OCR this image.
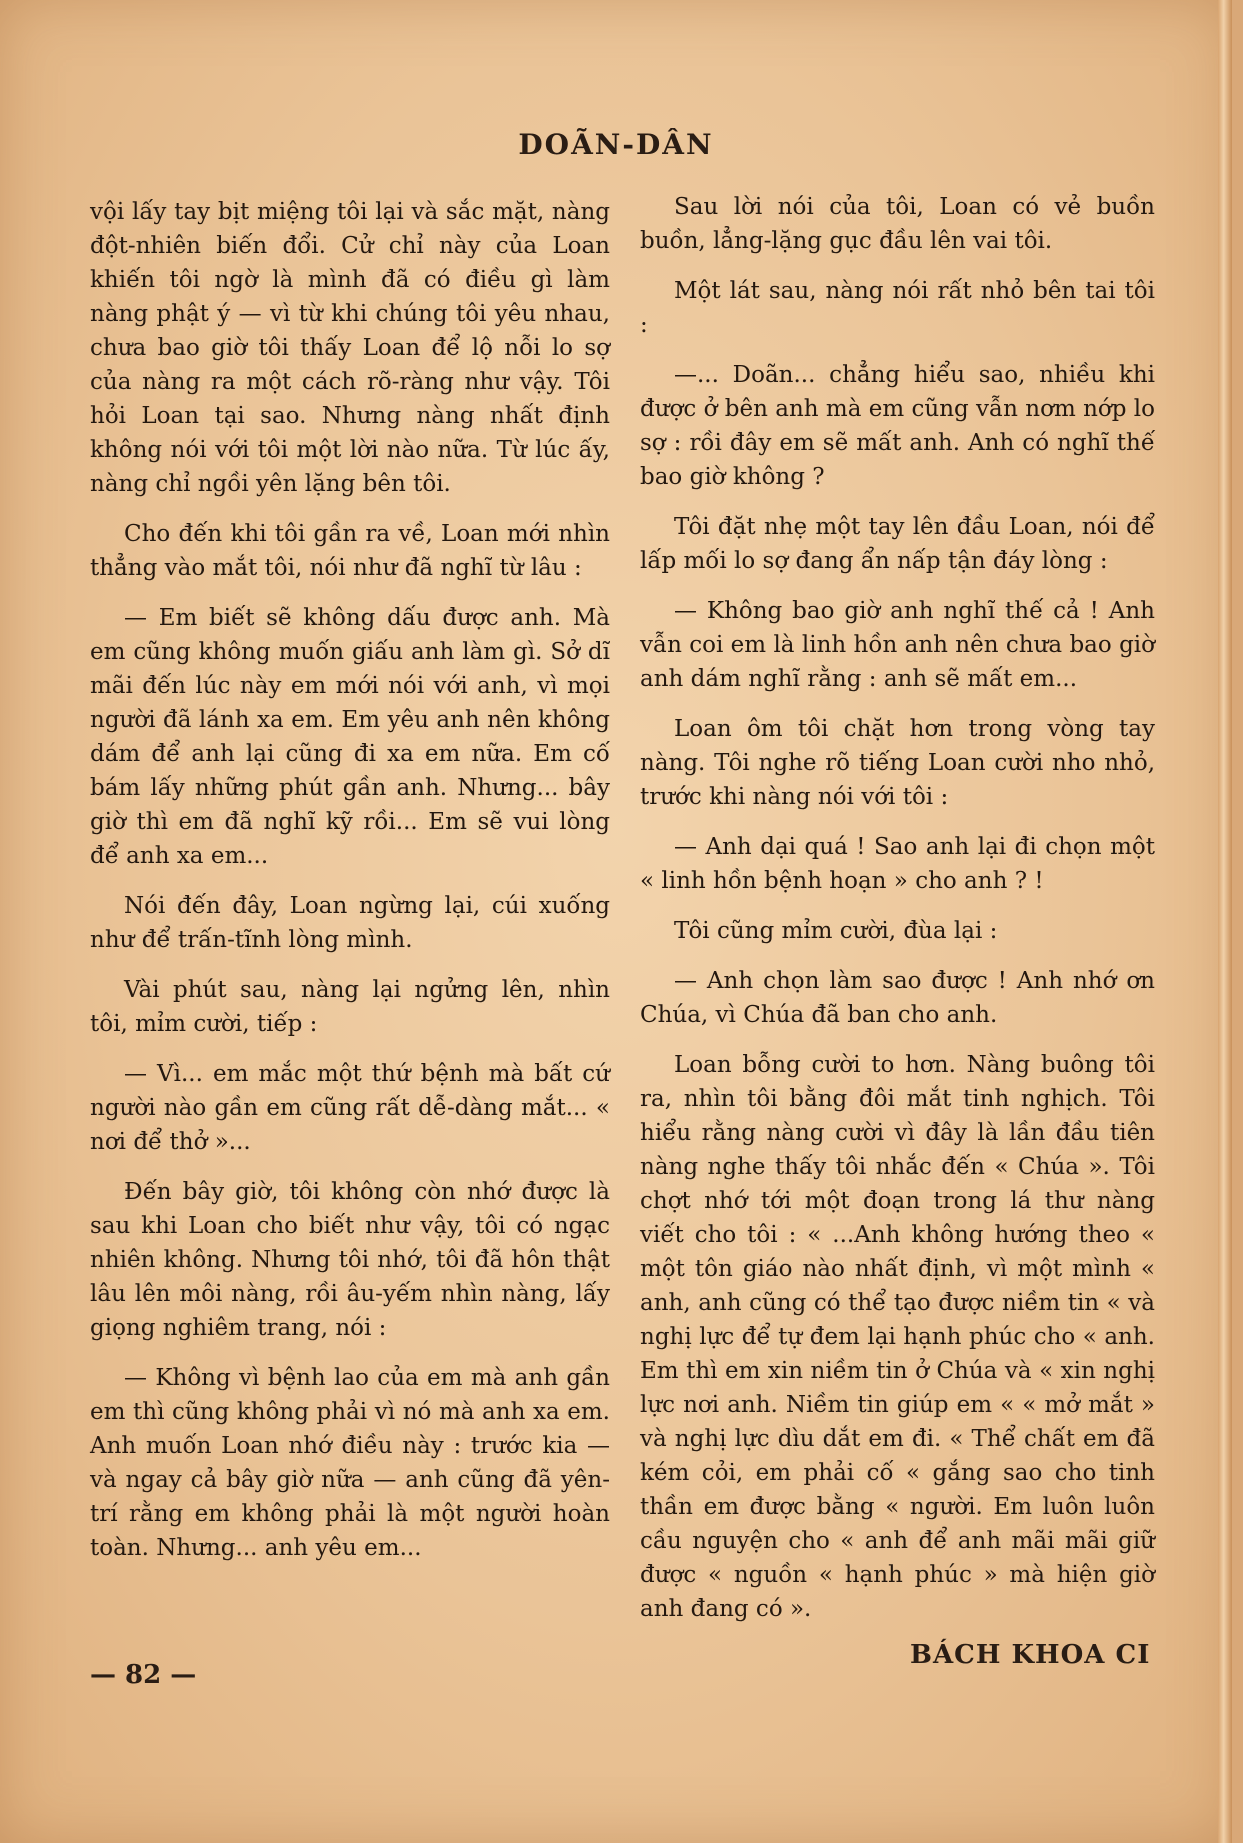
DOÃN-DÂN

vội lấy tay bịt miệng tôi lại và sắc mặt, nàng đột-nhiên biến đổi. Cử chỉ này của Loan khiến tôi ngờ là mình đã có điều gì làm nàng phật ý — vì từ khi chúng tôi yêu nhau, chưa bao giờ tôi thấy Loan để lộ nỗi lo sợ của nàng ra một cách rõ-ràng như vậy. Tôi hỏi Loan tại sao. Nhưng nàng nhất định không nói với tôi một lời nào nữa. Từ lúc ấy, nàng chỉ ngồi yên lặng bên tôi.

Cho đến khi tôi gần ra về, Loan mới nhìn thẳng vào mắt tôi, nói như đã nghĩ từ lâu :

— Em biết sẽ không dấu được anh. Mà em cũng không muốn giấu anh làm gì. Sở dĩ mãi đến lúc này em mới nói với anh, vì mọi người đã lánh xa em. Em yêu anh nên không dám để anh lại cũng đi xa em nữa. Em cố bám lấy những phút gần anh. Nhưng... bây giờ thì em đã nghĩ kỹ rồi... Em sẽ vui lòng để anh xa em...

Nói đến đây, Loan ngừng lại, cúi xuống như để trấn-tĩnh lòng mình.

Vài phút sau, nàng lại ngửng lên, nhìn tôi, mỉm cười, tiếp :

— Vì... em mắc một thứ bệnh mà bất cứ người nào gần em cũng rất dễ-dàng mắt... « nơi để thở »...

Đến bây giờ, tôi không còn nhớ được là sau khi Loan cho biết như vậy, tôi có ngạc nhiên không. Nhưng tôi nhớ, tôi đã hôn thật lâu lên môi nàng, rồi âu-yếm nhìn nàng, lấy giọng nghiêm trang, nói :

— Không vì bệnh lao của em mà anh gần em thì cũng không phải vì nó mà anh xa em. Anh muốn Loan nhớ điều này : trước kia — và ngay cả bây giờ nữa — anh cũng đã yên-trí rằng em không phải là một người hoàn toàn. Nhưng... anh yêu em...

Sau lời nói của tôi, Loan có vẻ buồn buồn, lẳng-lặng gục đầu lên vai tôi.

Một lát sau, nàng nói rất nhỏ bên tai tôi :

—... Doãn... chẳng hiểu sao, nhiều khi được ở bên anh mà em cũng vẫn nơm nớp lo sợ : rồi đây em sẽ mất anh. Anh có nghĩ thế bao giờ không ?

Tôi đặt nhẹ một tay lên đầu Loan, nói để lấp mối lo sợ đang ẩn nấp tận đáy lòng :

— Không bao giờ anh nghĩ thế cả ! Anh vẫn coi em là linh hồn anh nên chưa bao giờ anh dám nghĩ rằng : anh sẽ mất em...

Loan ôm tôi chặt hơn trong vòng tay nàng. Tôi nghe rõ tiếng Loan cười nho nhỏ, trước khi nàng nói với tôi :

— Anh dại quá ! Sao anh lại đi chọn một « linh hồn bệnh hoạn » cho anh ? !

Tôi cũng mỉm cười, đùa lại :

— Anh chọn làm sao được ! Anh nhớ ơn Chúa, vì Chúa đã ban cho anh.

Loan bỗng cười to hơn. Nàng buông tôi ra, nhìn tôi bằng đôi mắt tinh nghịch. Tôi hiểu rằng nàng cười vì đây là lần đầu tiên nàng nghe thấy tôi nhắc đến « Chúa ». Tôi chợt nhớ tới một đoạn trong lá thư nàng viết cho tôi : « ...Anh không hướng theo « một tôn giáo nào nhất định, vì một mình « anh, anh cũng có thể tạo được niềm tin « và nghị lực để tự đem lại hạnh phúc cho « anh. Em thì em xin niềm tin ở Chúa và « xin nghị lực nơi anh. Niềm tin giúp em « « mở mắt » và nghị lực dìu dắt em đi. « Thể chất em đã kém cỏi, em phải cố « gắng sao cho tinh thần em được bằng « người. Em luôn luôn cầu nguyện cho « anh để anh mãi mãi giữ được « nguồn « hạnh phúc » mà hiện giờ anh đang có ».

— 82 —
BÁCH KHOA CI
